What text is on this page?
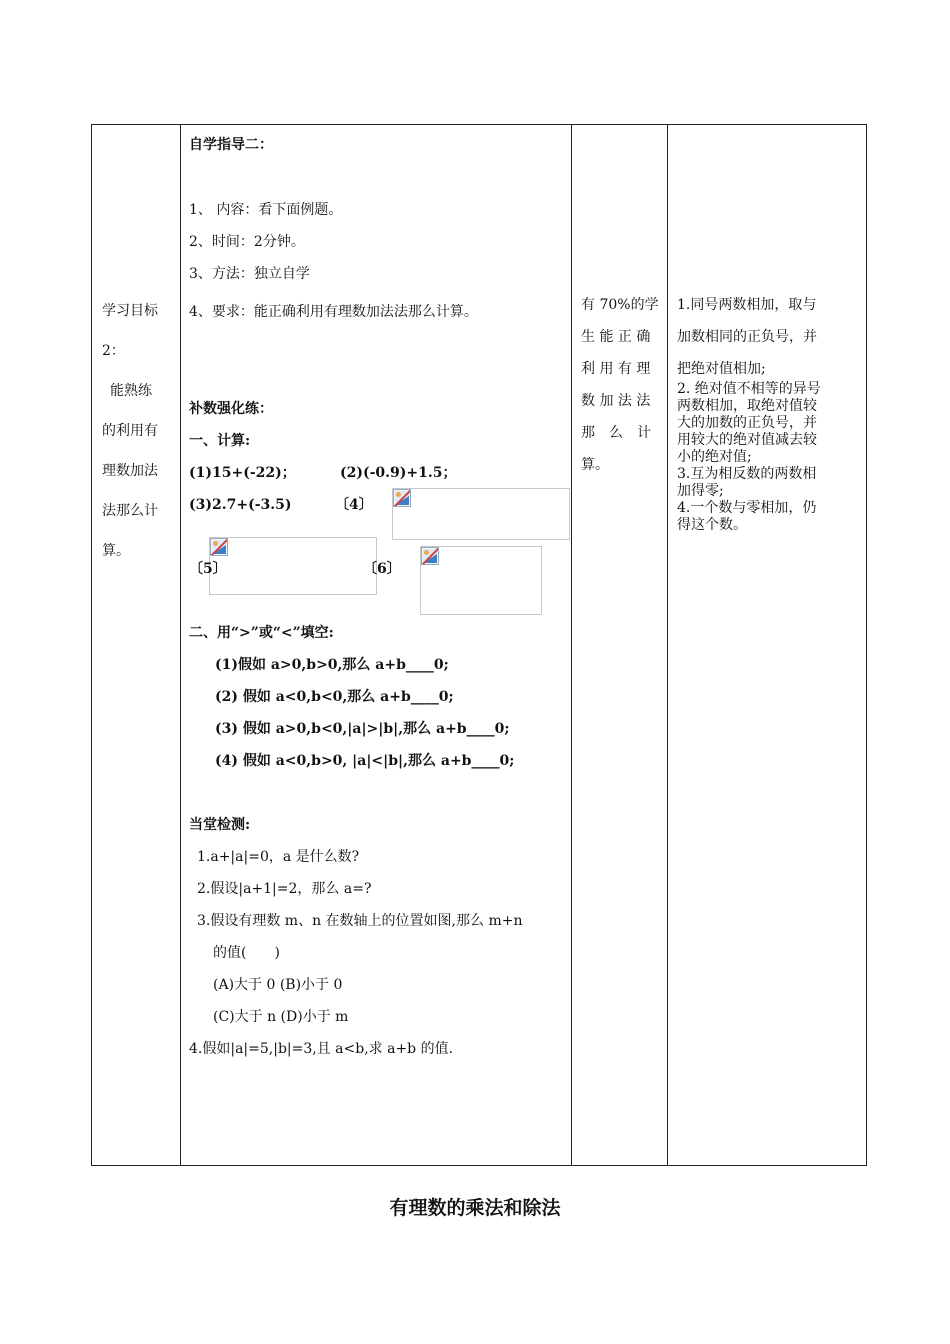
学习目标
2：
能熟练
的利用有
理数加法
法那么计
算。
自学指导二：
1、 内容：看下面例题。
2、时间：2分钟。
3、方法：独立自学
4、要求：能正确利用有理数加法法那么计算。
补数强化练：
一、计算:
(1)15+(-22)；	(2)(-0.9)+1.5；
(3)2.7+(-3.5)	〔4〕
〔5〕	〔6〕
二、用“>”或“<”填空:
(1)假如 a>0,b>0,那么 a+b____0;
(2) 假如 a<0,b<0,那么 a+b____0;
(3) 假如 a>0,b<0,|a|>|b|,那么 a+b____0;
(4) 假如 a<0,b>0, |a|<|b|,那么 a+b____0;
当堂检测:
1.a+|a|=0，a 是什么数?
2.假设|a+1|=2，那么 a=?
3.假设有理数 m、n 在数轴上的位置如图,那么 m+n
的值(　　)
(A)大于 0 (B)小于 0
(C)大于 n (D)小于 m
4.假如|a|=5,|b|=3,且 a<b,求 a+b 的值.
有 70%的学
生 能 正 确
利 用 有 理
数 加 法 法
那　么　计
算。
1.同号两数相加，取与
加数相同的正负号，并
把绝对值相加;
2. 绝对值不相等的异号
两数相加，取绝对值较
大的加数的正负号，并
用较大的绝对值减去较
小的绝对值;
3.互为相反数的两数相
加得零;
4.一个数与零相加，仍
得这个数。
有理数的乘法和除法
